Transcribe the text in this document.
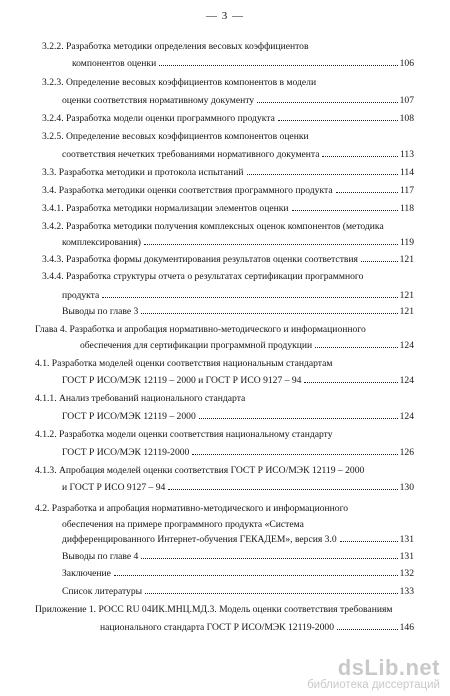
— 3 —
3.2.2. Разработка методики определения весовых коэффициентов
компонентов оценки	106
3.2.3. Определение весовых коэффициентов компонентов в модели
оценки соответствия нормативному документу	107
3.2.4. Разработка модели оценки программного продукта	108
3.2.5. Определение весовых коэффициентов компонентов оценки
соответствия нечетких требованиями нормативного документа	113
3.3. Разработка методики и протокола испытаний	114
3.4. Разработка методики оценки соответствия программного продукта	117
3.4.1. Разработка методики нормализации элементов оценки	118
3.4.2. Разработка методики получения комплексных оценок компонентов (методика
комплексирования)	119
3.4.3. Разработка формы документирования результатов оценки соответствия	121
3.4.4. Разработка структуры отчета о результатах сертификации программного
продукта	121
Выводы по главе 3	121
Глава 4. Разработка и апробация нормативно-методического и информационного
обеспечения для сертификации программной продукции	124
4.1. Разработка моделей оценки соответствия национальным стандартам
ГОСТ Р ИСО/МЭК 12119 – 2000 и ГОСТ Р ИСО 9127 – 94	124
4.1.1. Анализ требований национального стандарта
ГОСТ Р ИСО/МЭК 12119 – 2000	124
4.1.2. Разработка модели оценки соответствия национальному стандарту
ГОСТ Р ИСО/МЭК 12119-2000	126
4.1.3. Апробация моделей оценки соответствия ГОСТ Р ИСО/МЭК 12119 – 2000
и ГОСТ Р ИСО 9127 – 94	130
4.2. Разработка и апробация нормативно-методического и информационного
обеспечения на примере программного продукта «Система
дифференцированного Интернет-обучения ГЕКАДЕМ», версия 3.0	131
Выводы по главе 4	131
Заключение	132
Список литературы	133
Приложение 1. РОСС RU 04ИК.МНЦ.МД.3. Модель оценки соответствия требованиям
национального стандарта ГОСТ Р ИСО/МЭК 12119-2000	146
dsLib.net
библиотека диссертаций
